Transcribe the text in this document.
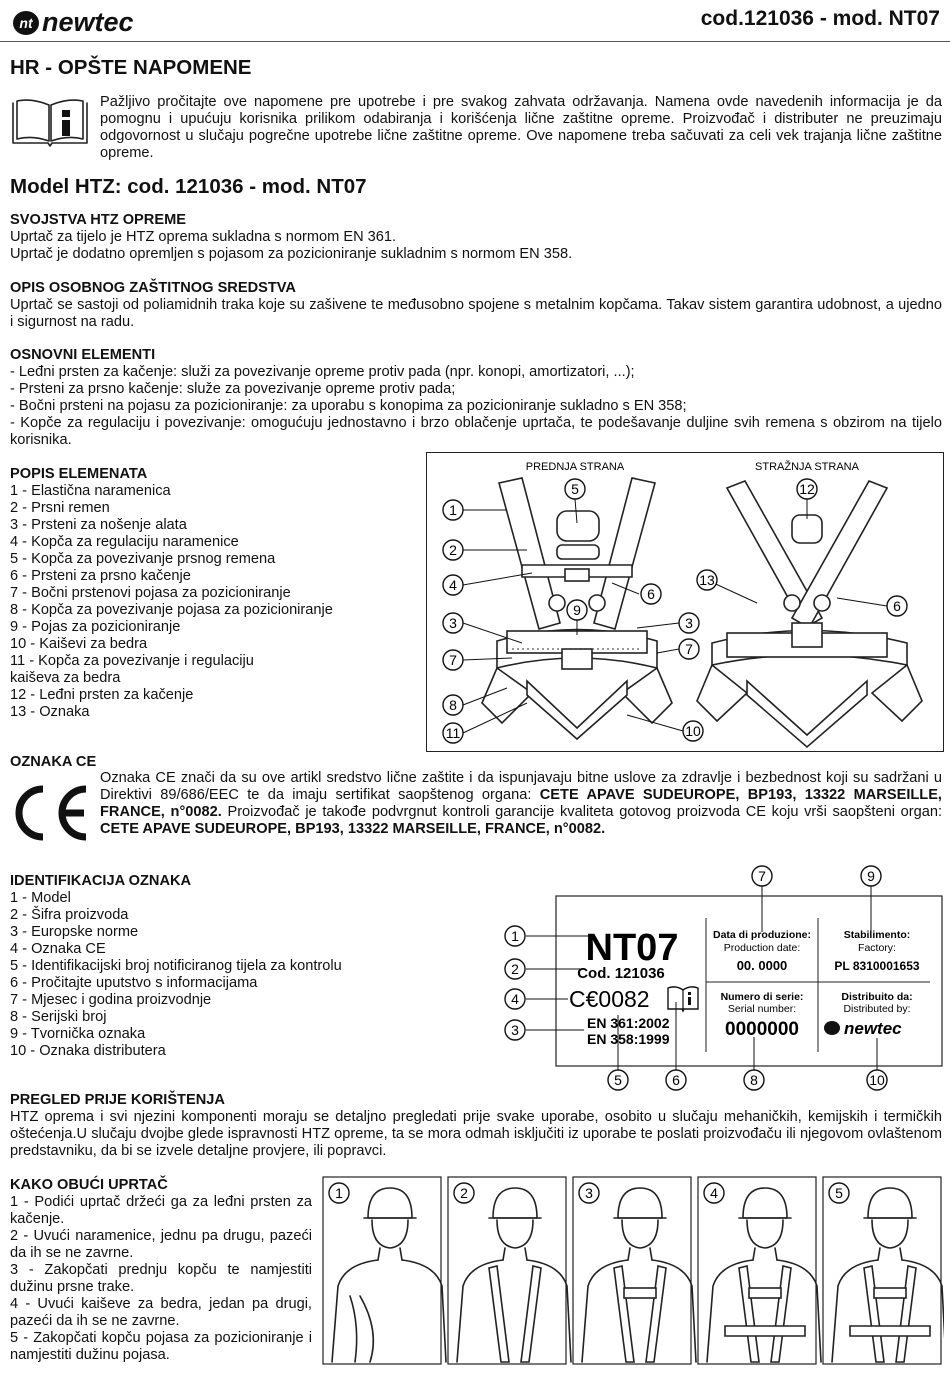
nt newtec	cod.121036 - mod. NT07
HR - OPŠTE NAPOMENE
Pažljivo pročitajte ove napomene pre upotrebe i pre svakog zahvata održavanja. Namena ovde navedenih informacija je da pomognu i upućuju korisnika prilikom odabiranja i korišćenja lične zaštitne opreme. Proizvođač i distributer ne preuzimaju odgovornost u slučaju pogrečne upotrebe lične zaštitne opreme. Ove napomene treba sačuvati za celi vek trajanja lične zaštitne opreme.
Model HTZ: cod. 121036 - mod. NT07
SVOJSTVA HTZ OPREME
Uprtač za tijelo je HTZ oprema sukladna s normom EN 361.
Uprtač je dodatno opremljen s pojasom za pozicioniranje sukladnim s normom EN 358.
OPIS OSOBNOG ZAŠTITNOG SREDSTVA
Uprtač se sastoji od poliamidnih traka koje su zašivene te međusobno spojene s metalnim kopčama. Takav sistem garantira udobnost, a ujedno i sigurnost na radu.
OSNOVNI ELEMENTI
- Leđni prsten za kačenje: služi za povezivanje opreme protiv pada (npr. konopi, amortizatori, ...);
- Prsteni za prsno kačenje: služe za povezivanje opreme protiv pada;
- Bočni prsteni na pojasu za pozicioniranje: za uporabu s konopima za pozicioniranje sukladno s EN 358;
- Kopče za regulaciju i povezivanje: omogućuju jednostavno i brzo oblačenje uprtača, te podešavanje duljine svih remena s obzirom na tijelo korisnika.
POPIS ELEMENATA
1 - Elastična naramenica
2 - Prsni remen
3 - Prsteni za nošenje alata
4 - Kopča za regulaciju naramenice
5 - Kopča za povezivanje prsnog remena
6 - Prsteni za prsno kačenje
7 - Bočni prstenovi pojasa za pozicioniranje
8 - Kopča za povezivanje pojasa za pozicioniranje
9 - Pojas za pozicioniranje
10 - Kaiševi za bedra
11 - Kopča za povezivanje i regulaciju
kaiševa za bedra
12 - Leđni prsten za kačenje
13 - Oznaka
PREDNJA STRANA	STRAŽNJA STRANA
1
2
4
3
7
8
11
5
9
6
3
7
10
12
13
6
OZNAKA CE
Oznaka CE znači da su ove artikl sredstvo lične zaštite i da ispunjavaju bitne uslove za zdravlje i bezbednost koji su sadržani u Direktivi 89/686/EEC te da imaju sertifikat saopštenog organa: CETE APAVE SUDEUROPE, BP193, 13322 MARSEILLE, FRANCE, n°0082. Proizvođač je takođe podvrgnut kontroli garancije kvaliteta gotovog proizvoda CE koju vrši saopšteni organ: CETE APAVE SUDEUROPE, BP193, 13322 MARSEILLE, FRANCE, n°0082.
IDENTIFIKACIJA OZNAKA
1 - Model
2 - Šifra proizvoda
3 - Europske norme
4 - Oznaka CE
5 - Identifikacijski broj notificiranog tijela za kontrolu
6 - Pročitajte uputstvo s informacijama
7 - Mjesec i godina proizvodnje
8 - Serijski broj
9 - Tvornička oznaka
10 - Oznaka distributera
NT07
Cod. 121036
C€0082
EN 361:2002
EN 358:1999
Data di produzione:
Production date:
00. 0000
Stabilimento:
Factory:
PL 8310001653
Numero di serie:
Serial number:
0000000
Distribuito da:
Distributed by:
newtec
1
2
4
3
5	6
7
8
9
10
PREGLED PRIJE KORIŠTENJA
HTZ oprema i svi njezini komponenti moraju se detaljno pregledati prije svake uporabe, osobito u slučaju mehaničkih, kemijskih i termičkih oštećenja.U slučaju dvojbe glede ispravnosti HTZ opreme, ta se mora odmah isključiti iz uporabe te poslati proizvođaču ili njegovom ovlaštenom predstavniku, da bi se izvele detaljne provjere, ili popravci.
KAKO OBUĆI UPRTAČ
1 - Podići uprtač držeći ga za leđni prsten za kačenje.
2 - Uvući naramenice, jednu pa drugu, pazeći da ih se ne zavrne.
3 - Zakopčati prednju kopču te namjestiti dužinu prsne trake.
4 - Uvući kaiševe za bedra, jedan pa drugi, pazeći da ih se ne zavrne.
5 - Zakopčati kopču pojasa za pozicioniranje i namjestiti dužinu pojasa.
1	2	3	4	5
